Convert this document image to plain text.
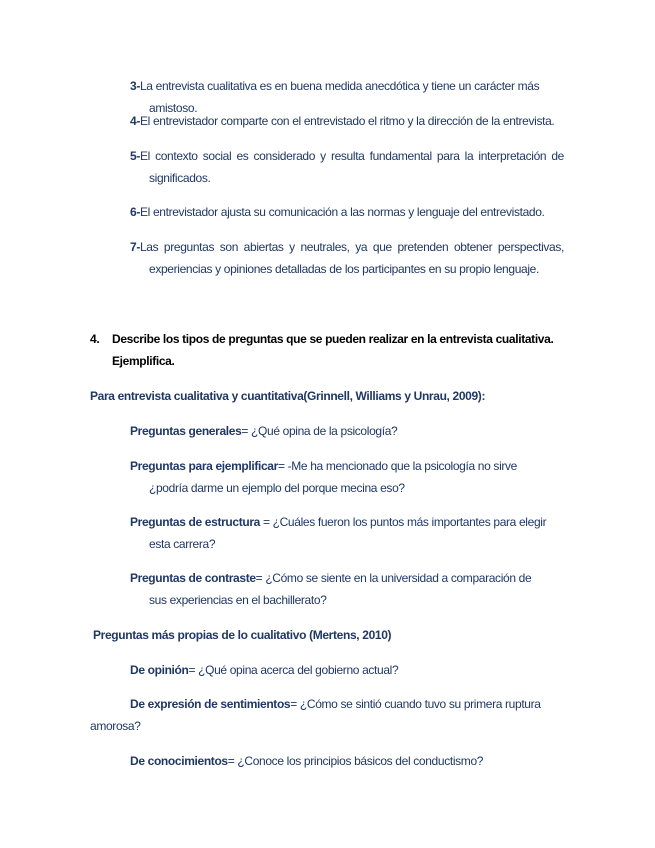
3-La entrevista cualitativa es en buena medida anecdótica y tiene un carácter más amistoso.

4-El entrevistador comparte con el entrevistado el ritmo y la dirección de la entrevista.

5-El contexto social es considerado y resulta fundamental para la interpretación de significados.

6-El entrevistador ajusta su comunicación a las normas y lenguaje del entrevistado.

7-Las preguntas son abiertas y neutrales, ya que pretenden obtener perspectivas, experiencias y opiniones detalladas de los participantes en su propio lenguaje.

4. Describe los tipos de preguntas que se pueden realizar en la entrevista cualitativa.

Ejemplifica.

Para entrevista cualitativa y cuantitativa(Grinnell, Williams y Unrau, 2009):

Preguntas generales= ¿Qué opina de la psicología?

Preguntas para ejemplificar= -Me ha mencionado que la psicología no sirve ¿podría darme un ejemplo del porque mecina eso?

Preguntas de estructura = ¿Cuáles fueron los puntos más importantes para elegir esta carrera?

Preguntas de contraste= ¿Cómo se siente en la universidad a comparación de sus experiencias en el bachillerato?

Preguntas más propias de lo cualitativo (Mertens, 2010)

De opinión= ¿Qué opina acerca del gobierno actual?

De expresión de sentimientos= ¿Cómo se sintió cuando tuvo su primera ruptura

amorosa?

De conocimientos= ¿Conoce los principios básicos del conductismo?
